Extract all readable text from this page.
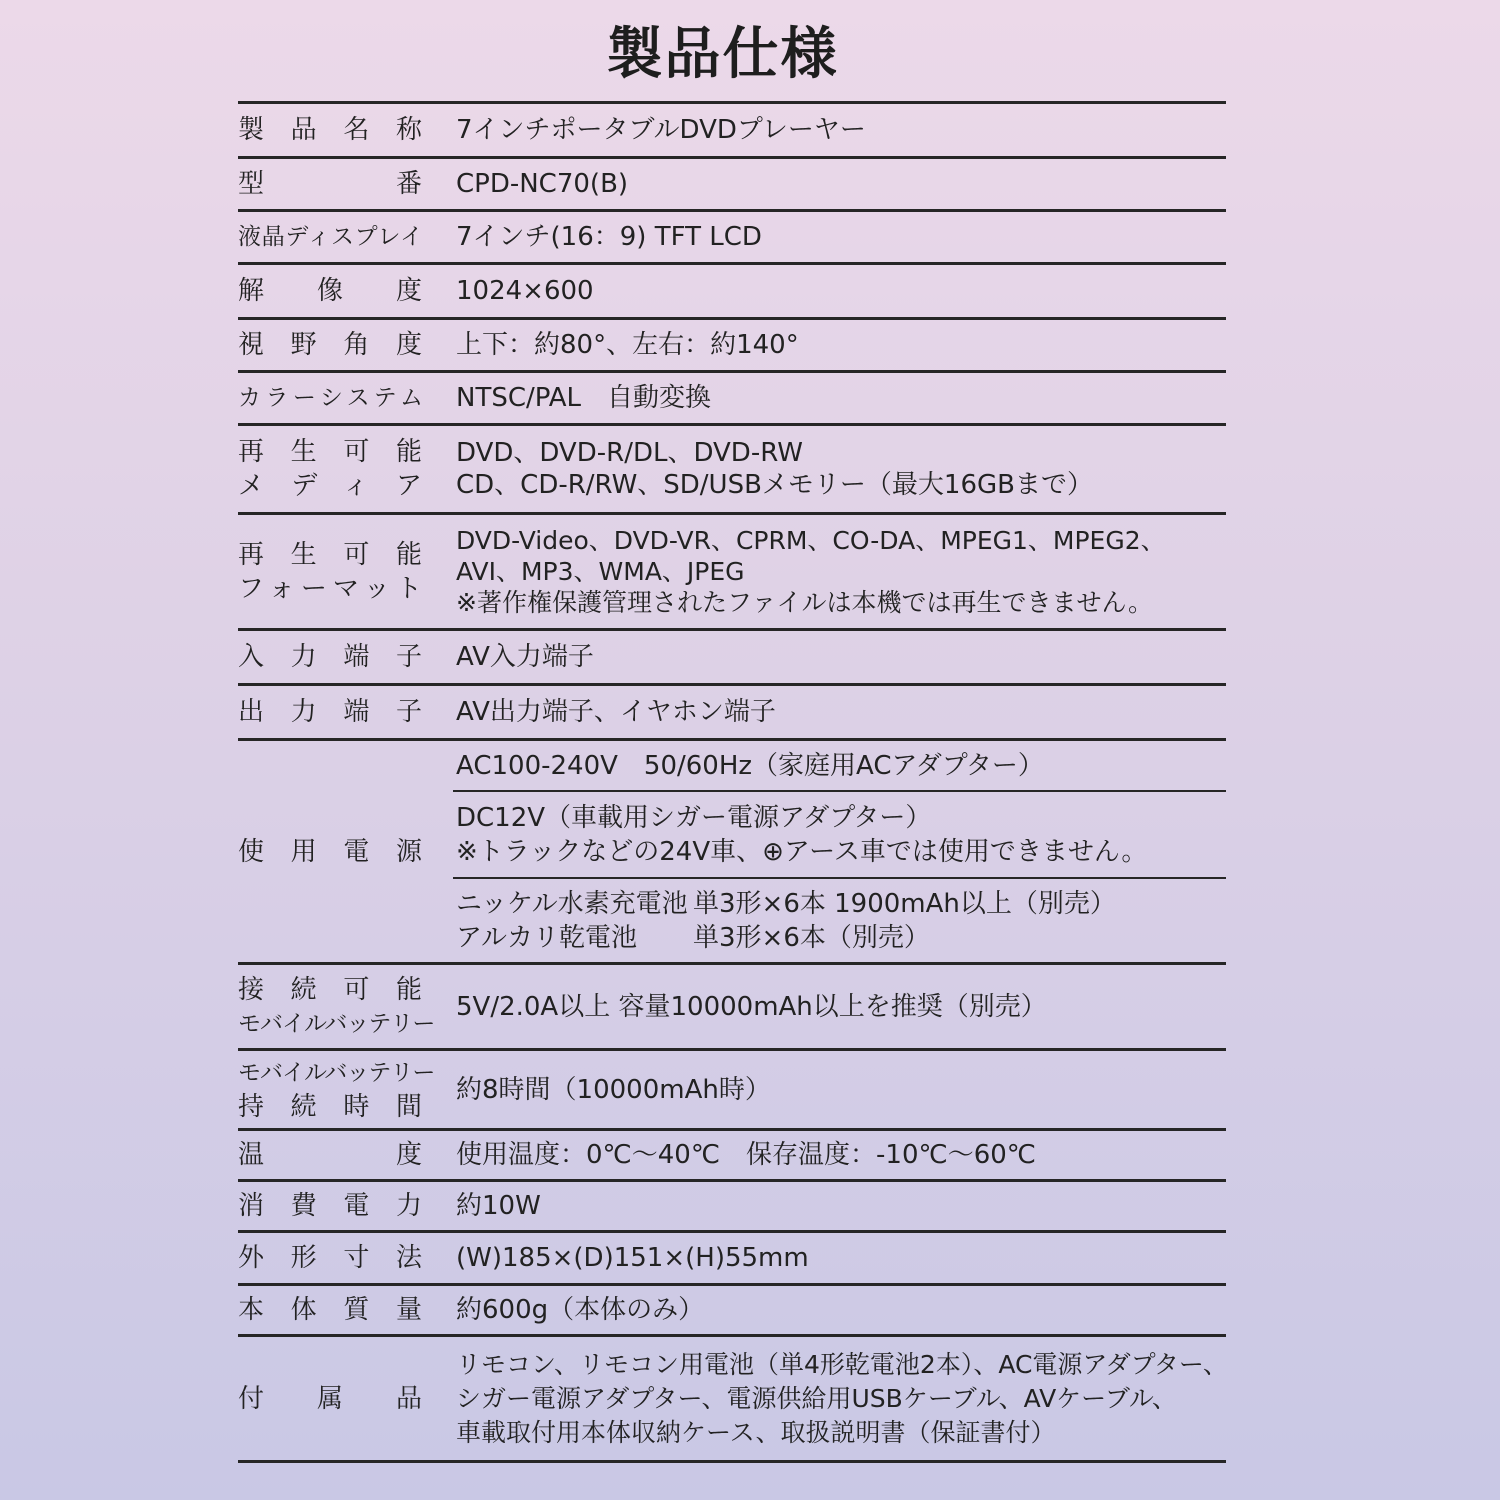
製品仕様
製品名称 7インチポータブルDVDプレーヤー
型　　　番 CPD-NC70(B)
液晶ディスプレイ 7インチ(16：9) TFT LCD
解像度 1024×600
視野角度 上下：約80°、左右：約140°
カラーシステム NTSC/PAL　自動変換
再生可能
メディア
DVD、DVD-R/DL、DVD-RW
CD、CD-R/RW、SD/USBメモリー（最大16GBまで）
再生可能
フォーマット
DVD-Video、DVD-VR、CPRM、CO-DA、MPEG1、MPEG2、
AVI、MP3、WMA、JPEG
※著作権保護管理されたファイルは本機では再生できません。
入力端子 AV入力端子
出力端子 AV出力端子、イヤホン端子
使用電源
AC100-240V　50/60Hz（家庭用ACアダプター）
DC12V（車載用シガー電源アダプター）
※トラックなどの24V車、⊕アース車では使用できません。
ニッケル水素充電池 単3形×6本 1900mAh以上（別売）
アルカリ乾電池	単3形×6本（別売）
接続可能
モバイルバッテリー
5V/2.0A以上 容量10000mAh以上を推奨（別売）
モバイルバッテリー
持続時間
約8時間（10000mAh時）
温　　　度 使用温度：0℃〜40℃　保存温度：-10℃〜60℃
消費電力 約10W
外形寸法 (W)185×(D)151×(H)55mm
本体質量 約600g（本体のみ）
付　属　品
リモコン、リモコン用電池（単4形乾電池2本）、AC電源アダプター、
シガー電源アダプター、電源供給用USBケーブル、AVケーブル、
車載取付用本体収納ケース、取扱説明書（保証書付）
